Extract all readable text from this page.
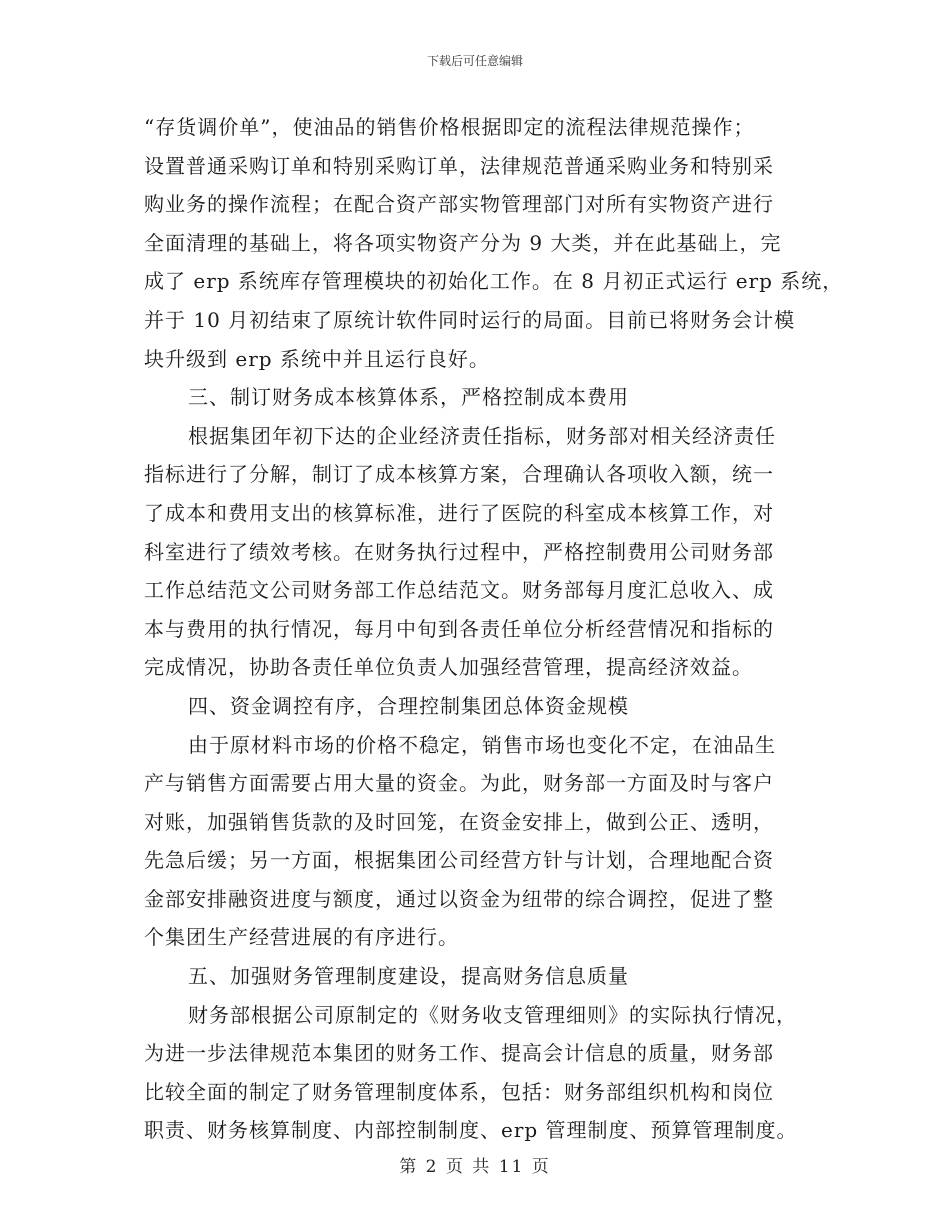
下载后可任意编辑
“存货调价单”，使油品的销售价格根据即定的流程法律规范操作；
设置普通采购订单和特别采购订单，法律规范普通采购业务和特别采
购业务的操作流程；在配合资产部实物管理部门对所有实物资产进行
全面清理的基础上，将各项实物资产分为 9 大类，并在此基础上，完
成了 erp 系统库存管理模块的初始化工作。在 8 月初正式运行 erp 系统，
并于 10 月初结束了原统计软件同时运行的局面。目前已将财务会计模
块升级到 erp 系统中并且运行良好。
三、制订财务成本核算体系，严格控制成本费用
根据集团年初下达的企业经济责任指标，财务部对相关经济责任
指标进行了分解，制订了成本核算方案，合理确认各项收入额，统一
了成本和费用支出的核算标准，进行了医院的科室成本核算工作，对
科室进行了绩效考核。在财务执行过程中，严格控制费用公司财务部
工作总结范文公司财务部工作总结范文。财务部每月度汇总收入、成
本与费用的执行情况，每月中旬到各责任单位分析经营情况和指标的
完成情况，协助各责任单位负责人加强经营管理，提高经济效益。
四、资金调控有序，合理控制集团总体资金规模
由于原材料市场的价格不稳定，销售市场也变化不定，在油品生
产与销售方面需要占用大量的资金。为此，财务部一方面及时与客户
对账，加强销售货款的及时回笼，在资金安排上，做到公正、透明，
先急后缓；另一方面，根据集团公司经营方针与计划，合理地配合资
金部安排融资进度与额度，通过以资金为纽带的综合调控，促进了整
个集团生产经营进展的有序进行。
五、加强财务管理制度建设，提高财务信息质量
财务部根据公司原制定的《财务收支管理细则》的实际执行情况，
为进一步法律规范本集团的财务工作、提高会计信息的质量，财务部
比较全面的制定了财务管理制度体系，包括：财务部组织机构和岗位
职责、财务核算制度、内部控制制度、erp 管理制度、预算管理制度。
第 2 页 共 11 页
